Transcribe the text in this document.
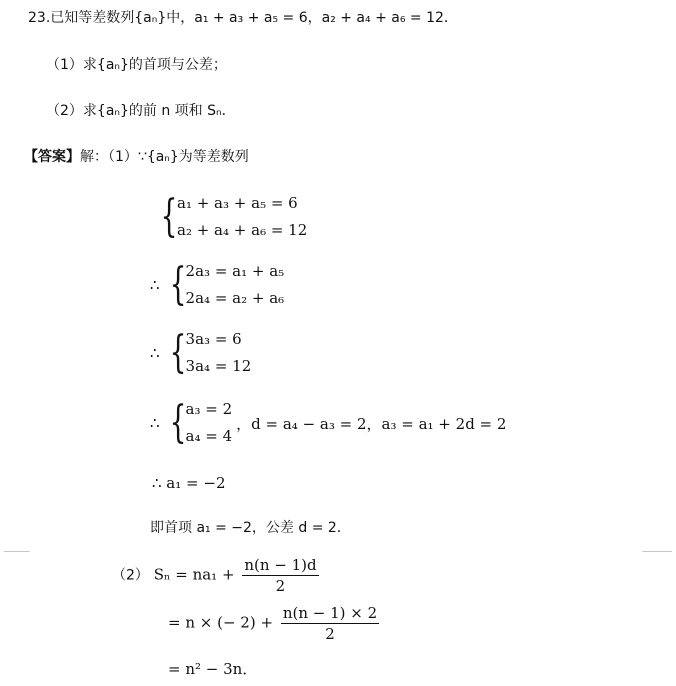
23.已知等差数列{aₙ}中，a₁ + a₃ + a₅ = 6，a₂ + a₄ + a₆ = 12．
（1）求{aₙ}的首项与公差；
（2）求{aₙ}的前 n 项和 Sₙ．
【答案】解：（1）∵{aₙ}为等差数列
{ a₁ + a₃ + a₅ = 6
a₂ + a₄ + a₆ = 12
∴ { 2a₃ = a₁ + a₅
2a₄ = a₂ + a₆
∴ { 3a₃ = 6
3a₄ = 12
∴ { a₃ = 2
a₄ = 4
，d = a₄ − a₃ = 2，a₃ = a₁ + 2d = 2
∴ a₁ = −2
即首项 a₁ = −2，公差 d = 2．
（2） $S_n = na_1 + \frac{n(n - 1)d}{2}$
= n × (− $2) + \frac{n(n - 1) \times 2}{2}$
= n² − 3n．
